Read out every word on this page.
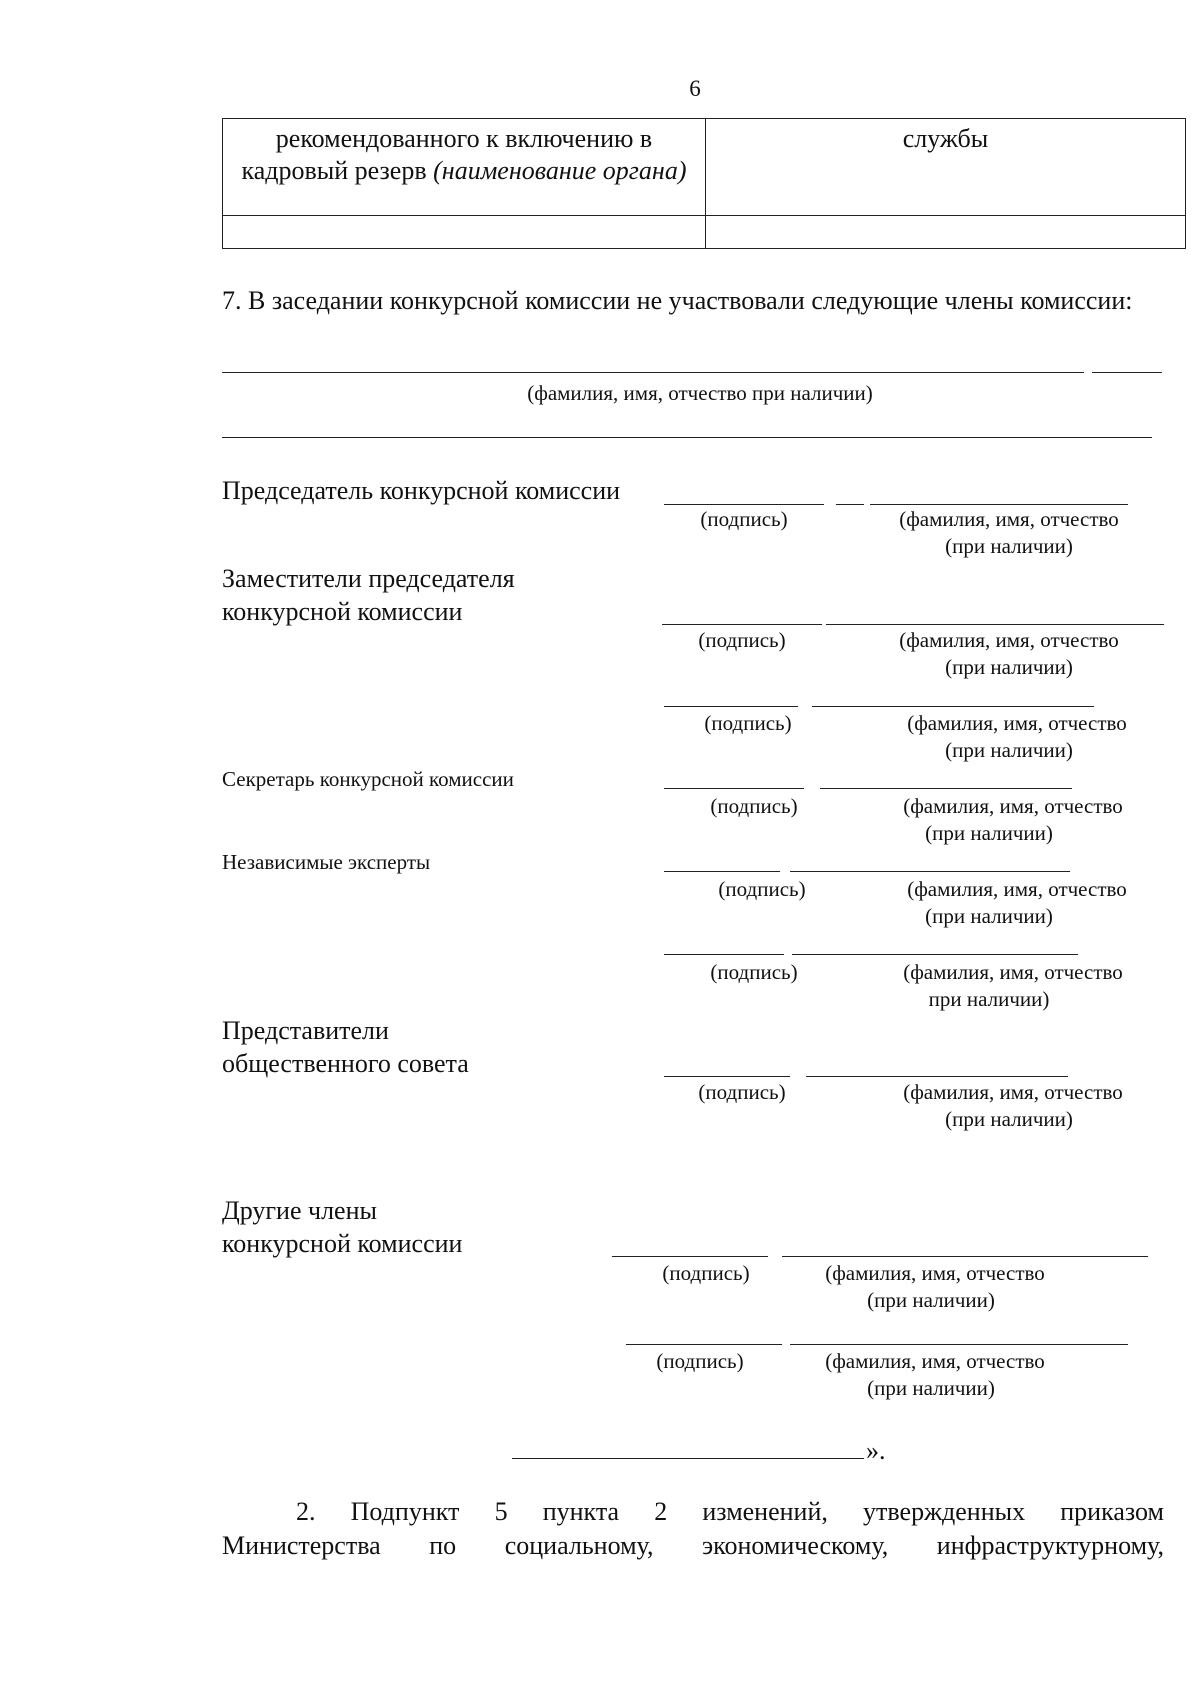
6
рекомендованного к включению в кадровый резерв (наименование органа)	службы

7. В заседании конкурсной комиссии не участвовали следующие члены комиссии:
(фамилия, имя, отчество при наличии)
Председатель конкурсной комиссии
(подпись)	(фамилия, имя, отчество
(при наличии)
Заместители председателя
конкурсной комиссии
(подпись)	(фамилия, имя, отчество
(при наличии)
(подпись)	(фамилия, имя, отчество
(при наличии)
Секретарь конкурсной комиссии
(подпись)	(фамилия, имя, отчество
(при наличии)
Независимые эксперты
(подпись)	(фамилия, имя, отчество
(при наличии)
(подпись)	(фамилия, имя, отчество
при наличии)
Представители
общественного совета
(подпись)	(фамилия, имя, отчество
(при наличии)
Другие члены
конкурсной комиссии
(подпись)	(фамилия, имя, отчество
(при наличии)
(подпись)	(фамилия, имя, отчество
(при наличии)
».
2. Подпункт 5 пункта 2 изменений, утвержденных приказом
Министерства по социальному, экономическому, инфраструктурному,
